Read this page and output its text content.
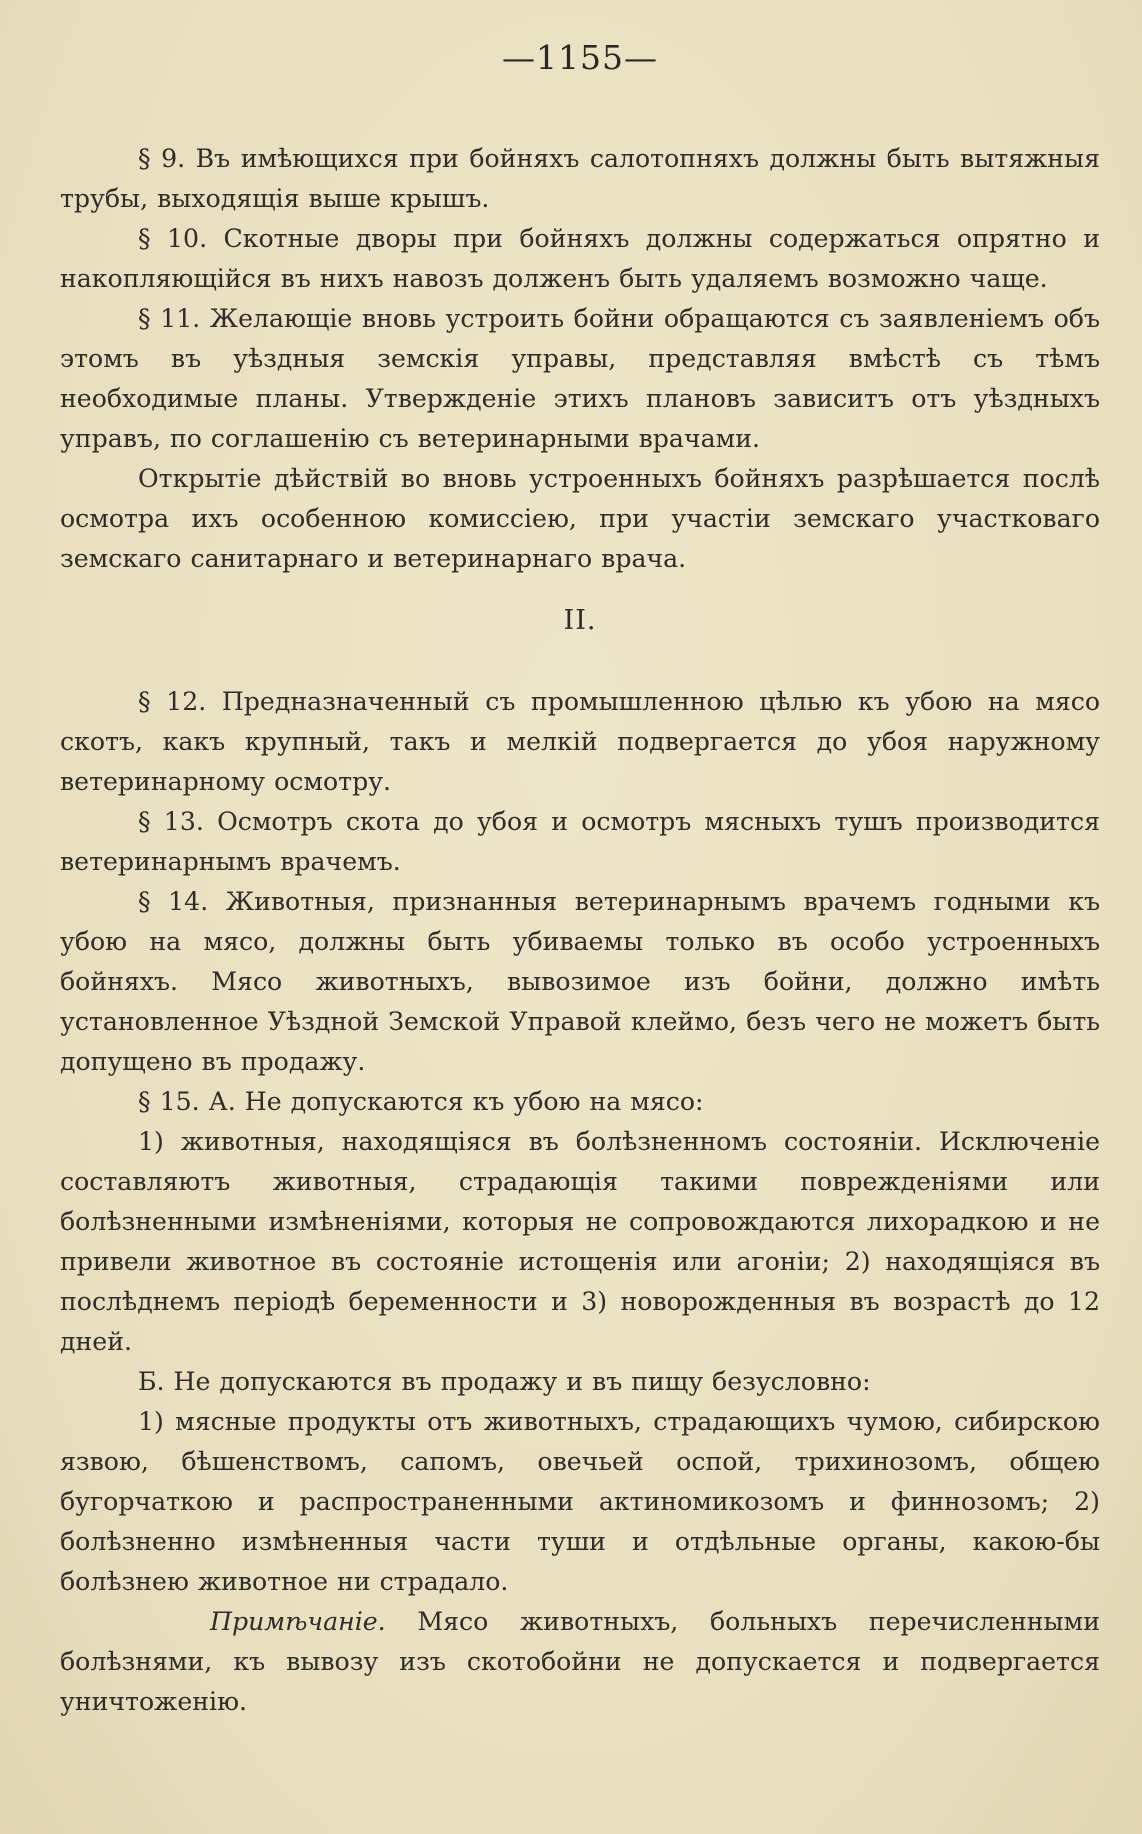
—1155—

§ 9. Въ имѣющихся при бойняхъ салотопняхъ должны быть вытяжныя трубы, выходящія выше крышъ.

§ 10. Скотные дворы при бойняхъ должны содержаться опрятно и накопляющійся въ нихъ навозъ долженъ быть удаляемъ возможно чаще.

§ 11. Желающіе вновь устроить бойни обращаются съ заявленіемъ объ этомъ въ уѣздныя земскія управы, представляя вмѣстѣ съ тѣмъ необходимые планы. Утвержденіе этихъ плановъ зависитъ отъ уѣздныхъ управъ, по соглашенію съ ветеринарными врачами.

Открытіе дѣйствій во вновь устроенныхъ бойняхъ разрѣшается послѣ осмотра ихъ особенною комиссіею, при участіи земскаго участковаго земскаго санитарнаго и ветеринарнаго врача.

II.

§ 12. Предназначенный съ промышленною цѣлью къ убою на мясо скотъ, какъ крупный, такъ и мелкій подвергается до убоя наружному ветеринарному осмотру.

§ 13. Осмотръ скота до убоя и осмотръ мясныхъ тушъ производится ветеринарнымъ врачемъ.

§ 14. Животныя, признанныя ветеринарнымъ врачемъ годными къ убою на мясо, должны быть убиваемы только въ особо устроенныхъ бойняхъ. Мясо животныхъ, вывозимое изъ бойни, должно имѣть установленное Уѣздной Земской Управой клеймо, безъ чего не можетъ быть допущено въ продажу.

§ 15. А. Не допускаются къ убою на мясо:

1) животныя, находящіяся въ болѣзненномъ состояніи. Исключеніе составляютъ животныя, страдающія такими поврежденіями или болѣзненными измѣненіями, которыя не сопровождаются лихорадкою и не привели животное въ состояніе истощенія или агоніи; 2) находящіяся въ послѣднемъ періодѣ беременности и 3) новорожденныя въ возрастѣ до 12 дней.

Б. Не допускаются въ продажу и въ пищу безусловно:

1) мясные продукты отъ животныхъ, страдающихъ чумою, сибирскою язвою, бѣшенствомъ, сапомъ, овечьей оспой, трихинозомъ, общею бугорчаткою и распространенными актиномикозомъ и финнозомъ; 2) болѣзненно измѣненныя части туши и отдѣльные органы, какою-бы болѣзнею животное ни страдало.

Примѣчаніе. Мясо животныхъ, больныхъ перечисленными болѣзнями, къ вывозу изъ скотобойни не допускается и подвергается уничтоженію.
